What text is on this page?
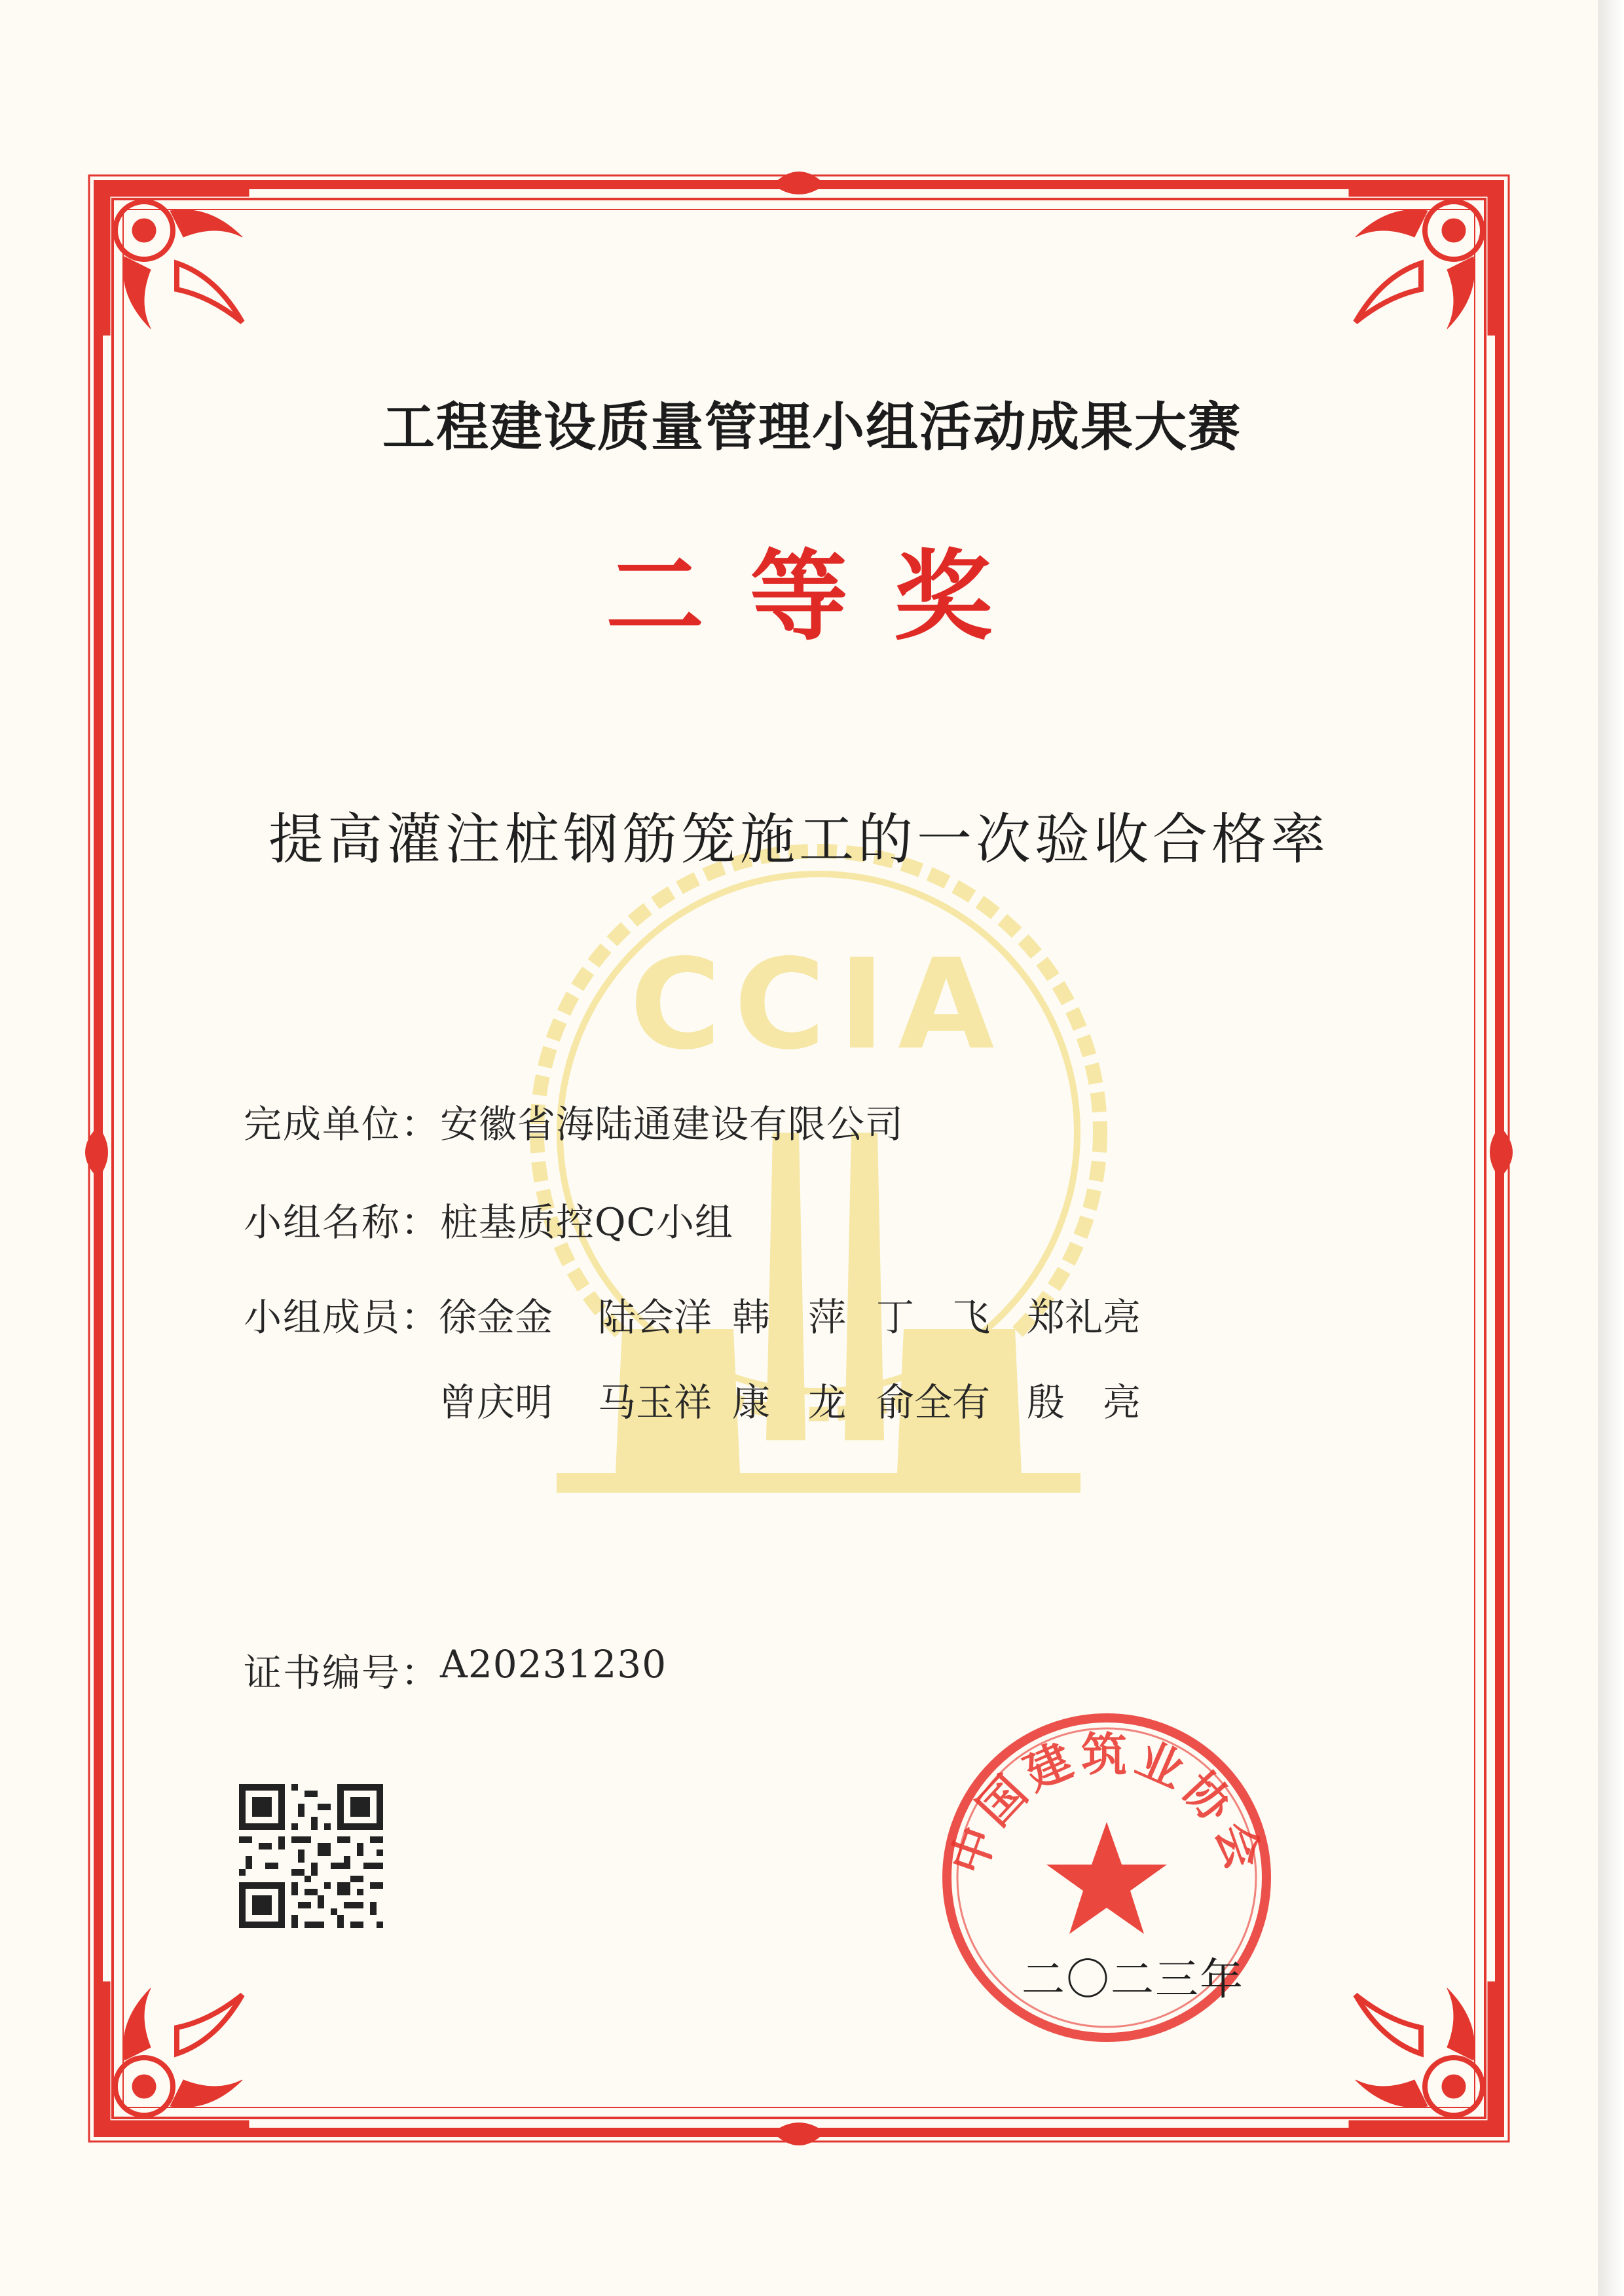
CCIA
工程建设质量管理小组活动成果大赛
二等奖
提高灌注桩钢筋笼施工的一次验收合格率
完成单位： 安徽省海陆通建设有限公司
小组名称： 桩基质控QC小组
小组成员：
徐金金 陆会洋 韩　萍 丁　飞 郑礼亮
曾庆明 马玉祥 康　龙 俞全有 殷　亮
证书编号： A20231230
中国建筑业协会
二〇二三年
